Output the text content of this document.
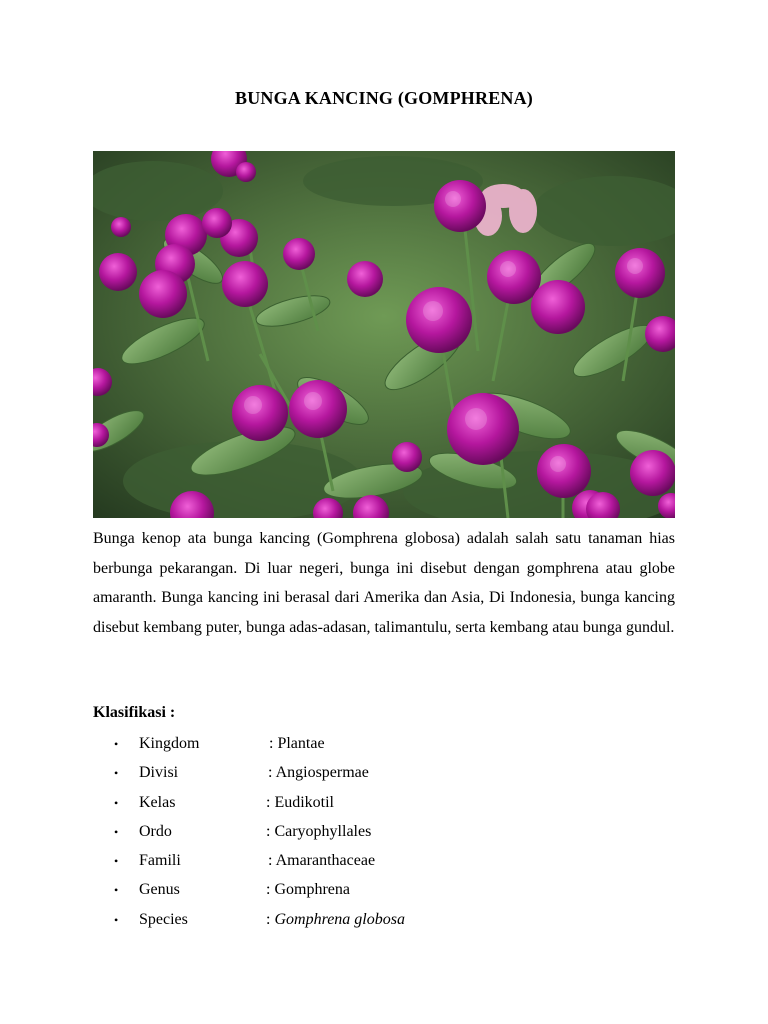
BUNGA KANCING (GOMPHRENA)

Bunga kenop ata bunga kancing (Gomphrena globosa) adalah salah satu tanaman hias berbunga pekarangan. Di luar negeri, bunga ini disebut dengan gomphrena atau globe amaranth. Bunga kancing ini berasal dari Amerika dan Asia, Di Indonesia, bunga kancing disebut kembang puter, bunga adas-adasan, talimantulu, serta kembang atau bunga gundul.

Klasifikasi :
• Kingdom	: Plantae
• Divisi	: Angiospermae
• Kelas	: Eudikotil
• Ordo	: Caryophyllales
• Famili	: Amaranthaceae
• Genus	: Gomphrena
• Species	: Gomphrena globosa
